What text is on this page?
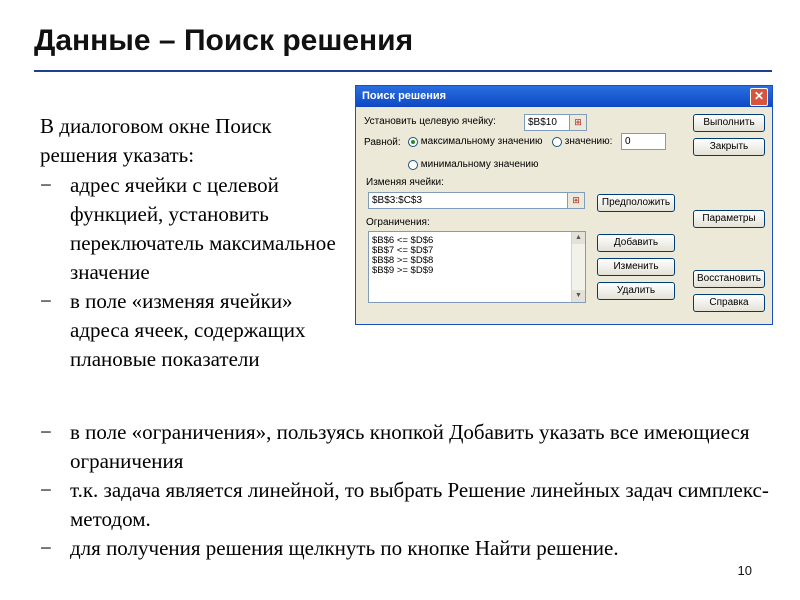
Данные – Поиск решения
В диалоговом окне Поиск решения указать:
− адрес ячейки с целевой функцией, установить переключатель максимальное значение
− в поле «изменяя ячейки» адреса ячеек, содержащих плановые показатели
− в поле «ограничения», пользуясь кнопкой Добавить указать все имеющиеся ограничения
− т.к. задача является линейной, то выбрать Решение линейных задач симплекс-методом.
− для получения решения щелкнуть по кнопке Найти решение.
10
Поиск решения	✕
Установить целевую ячейку:	$B$10	⊞
Равной:	максимальному значению	значению:	0
минимальному значению
Изменяя ячейки:
$B$3:$C$3	⊞
Ограничения:
$B$6 <= $D$6
$B$7 <= $D$7
$B$8 >= $D$8
$B$9 >= $D$9
▲
▼
Предположить
Добавить
Изменить
Удалить
Выполнить
Закрыть
Параметры
Восстановить
Справка
